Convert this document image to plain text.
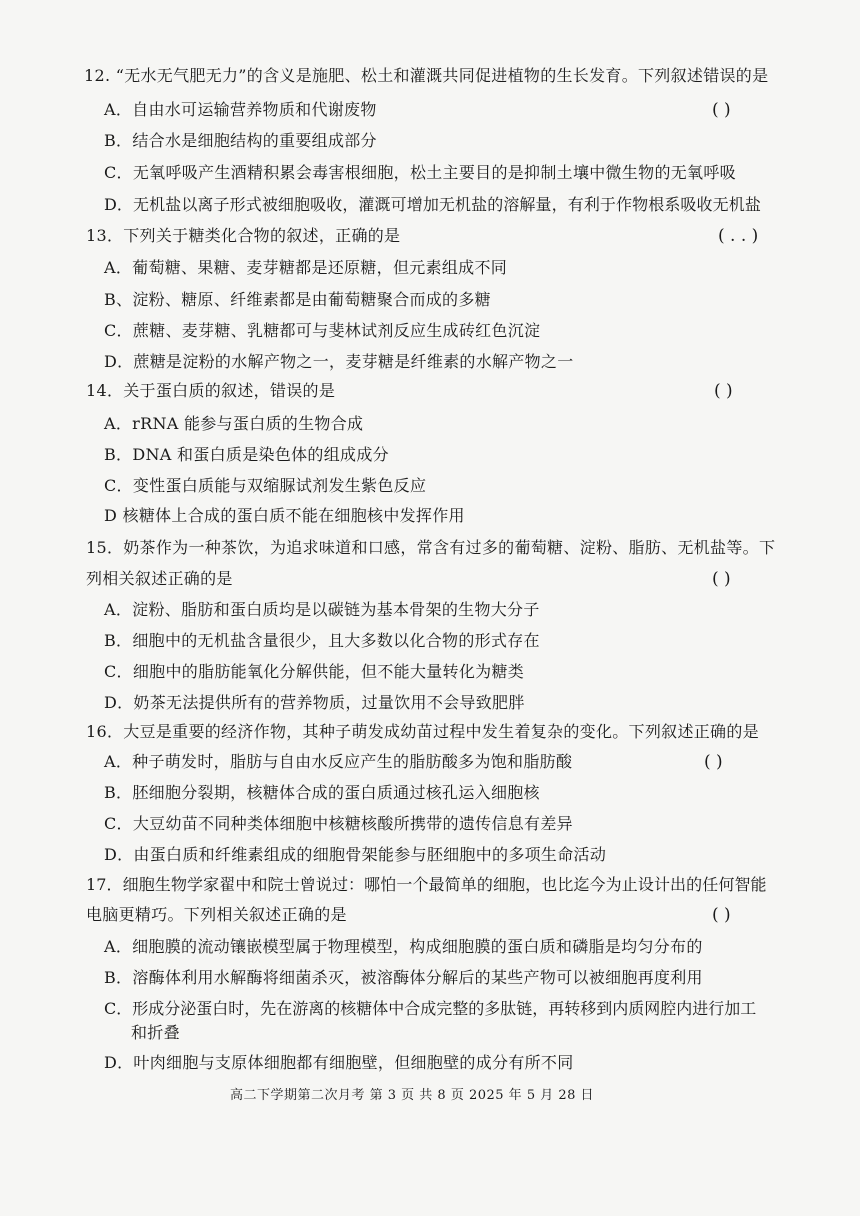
12. “无水无气肥无力”的含义是施肥、松土和灌溉共同促进植物的生长发育。下列叙述错误的是
( )
A．自由水可运输营养物质和代谢废物
B．结合水是细胞结构的重要组成部分
C．无氧呼吸产生酒精积累会毒害根细胞，松土主要目的是抑制土壤中微生物的无氧呼吸
D．无机盐以离子形式被细胞吸收，灌溉可增加无机盐的溶解量，有利于作物根系吸收无机盐
13．下列关于糖类化合物的叙述，正确的是	( . . )
A．葡萄糖、果糖、麦芽糖都是还原糖，但元素组成不同
B、淀粉、糖原、纤维素都是由葡萄糖聚合而成的多糖
C．蔗糖、麦芽糖、乳糖都可与斐林试剂反应生成砖红色沉淀
D．蔗糖是淀粉的水解产物之一，麦芽糖是纤维素的水解产物之一
14．关于蛋白质的叙述，错误的是	( )
A．rRNA 能参与蛋白质的生物合成
B．DNA 和蛋白质是染色体的组成成分
C．变性蛋白质能与双缩脲试剂发生紫色反应
D 核糖体上合成的蛋白质不能在细胞核中发挥作用
15．奶茶作为一种茶饮，为追求味道和口感，常含有过多的葡萄糖、淀粉、脂肪、无机盐等。下
列相关叙述正确的是	( )
A．淀粉、脂肪和蛋白质均是以碳链为基本骨架的生物大分子
B．细胞中的无机盐含量很少，且大多数以化合物的形式存在
C．细胞中的脂肪能氧化分解供能，但不能大量转化为糖类
D．奶茶无法提供所有的营养物质，过量饮用不会导致肥胖
16．大豆是重要的经济作物，其种子萌发成幼苗过程中发生着复杂的变化。下列叙述正确的是
( )
A．种子萌发时，脂肪与自由水反应产生的脂肪酸多为饱和脂肪酸
B．胚细胞分裂期，核糖体合成的蛋白质通过核孔运入细胞核
C．大豆幼苗不同种类体细胞中核糖核酸所携带的遗传信息有差异
D．由蛋白质和纤维素组成的细胞骨架能参与胚细胞中的多项生命活动
17．细胞生物学家翟中和院士曾说过：哪怕一个最简单的细胞，也比迄今为止设计出的任何智能
电脑更精巧。下列相关叙述正确的是	( )
A．细胞膜的流动镶嵌模型属于物理模型，构成细胞膜的蛋白质和磷脂是均匀分布的
B．溶酶体利用水解酶将细菌杀灭，被溶酶体分解后的某些产物可以被细胞再度利用
C．形成分泌蛋白时，先在游离的核糖体中合成完整的多肽链，再转移到内质网腔内进行加工
和折叠
D．叶肉细胞与支原体细胞都有细胞壁，但细胞壁的成分有所不同
高二下学期第二次月考 第 3 页 共 8 页 2025 年 5 月 28 日
